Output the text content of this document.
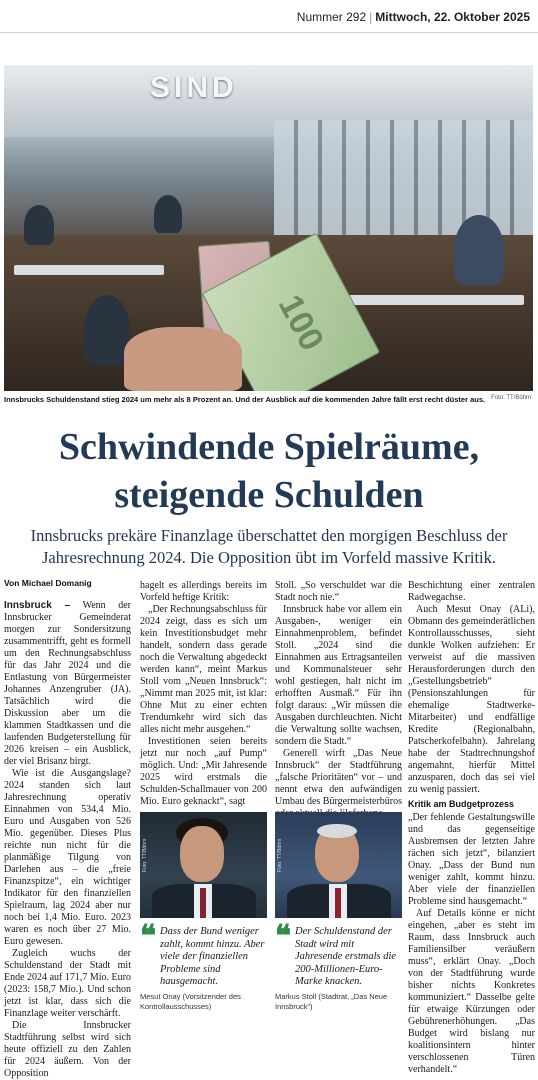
Nummer 292 | Mittwoch, 22. Oktober 2025
SIND
100
Innsbrucks Schuldenstand stieg 2024 um mehr als 8 Prozent an. Und der Ausblick auf die kommenden Jahre fällt erst recht düster aus. Foto: TT/Böhm
Schwindende Spielräume,
steigende Schulden
Innsbrucks prekäre Finanzlage überschattet den morgigen Beschluss der Jahresrechnung 2024. Die Opposition übt im Vorfeld massive Kritik.
Von Michael Domanig

Innsbruck – Wenn der Innsbrucker Gemeinderat morgen zur Sondersitzung zusammentrifft, geht es formell um den Rechnungsabschluss für das Jahr 2024 und die Entlastung von Bürgermeister Johannes Anzengruber (JA). Tatsächlich wird die Diskussion aber um die klammen Stadtkassen und die laufenden Budgeterstellung für 2026 kreisen – ein Ausblick, der viel Brisanz birgt.

Wie ist die Ausgangslage? 2024 standen sich laut Jahresrechnung operativ Einnahmen von 534,4 Mio. Euro und Ausgaben von 526 Mio. gegenüber. Dieses Plus reichte nun nicht für die planmäßige Tilgung von Darlehen aus – die „freie Finanzspitze“, ein wichtiger Indikator für den finanziellen Spielraum, lag 2024 aber nur noch bei 1,4 Mio. Euro. 2023 waren es noch über 27 Mio. Euro gewesen.

Zugleich wuchs der Schuldenstand der Stadt mit Ende 2024 auf 171,7 Mio. Euro (2023: 158,7 Mio.). Und schon jetzt ist klar, dass sich die Finanzlage weiter verschärft.

Die Innsbrucker Stadtführung selbst wird sich heute offiziell zu den Zahlen für 2024 äußern. Von der Opposition

hagelt es allerdings bereits im Vorfeld heftige Kritik:

„Der Rechnungsabschluss für 2024 zeigt, dass es sich um kein Investitionsbudget mehr handelt, sondern dass gerade noch die Verwaltung abgedeckt werden kann“, meint Markus Stoll vom „Neuen Innsbruck“: „Nimmt man 2025 mit, ist klar: Ohne Mut zu einer echten Trendumkehr wird sich das alles nicht mehr ausgehen.“

Investitionen seien bereits jetzt nur noch „auf Pump“ möglich. Und: „Mit Jahresende 2025 wird erstmals die Schulden-Schallmauer von 200 Mio. Euro geknackt“, sagt

Stoll. „So verschuldet war die Stadt noch nie.“

Innsbruck habe vor allem ein Ausgaben-, weniger ein Einnahmenproblem, befindet Stoll. „2024 sind die Einnahmen aus Ertragsanteilen und Kommunalsteuer sehr wohl gestiegen, halt nicht im erhofften Ausmaß.“ Für ihn folgt daraus: „Wir müssen die Ausgaben durchleuchten. Nicht die Verwaltung sollte wachsen, sondern die Stadt.“

Generell wirft „Das Neue Innsbruck“ der Stadtführung „falsche Prioritäten“ vor – und nennt etwa den aufwändigen Umbau des Bürgermeisterbüros

Beschichtung einer zentralen Radwegachse.

Auch Mesut Onay (ALi), Obmann des gemeinderätlichen Kontrollausschusses, sieht dunkle Wolken aufziehen: Er verweist auf die massiven Herausforderungen durch den „Gestellungsbetrieb“ (Pensionszahlungen für ehemalige Stadtwerke-Mitarbeiter) und endfällige Kredite (Regionalbahn, Patscherkofelbahn). Jahrelang habe der Stadtrechnungshof angemahnt, hierfür Mittel anzusparen, doch das sei viel zu wenig passiert.

Kritik am Budgetprozess

„Der fehlende Gestaltungswille und das gegenseitige Ausbremsen der letzten Jahre rächen sich jetzt“, bilanziert Onay. „Dass der Bund nun weniger zahlt, kommt hinzu. Aber viele der finanziellen Probleme sind hausgemacht.“

Auf Details könne er nicht eingehen, „aber es steht im Raum, dass Innsbruck auch Familiensilber veräußern muss“, erklärt Onay. „Doch von der Stadtführung wurde bisher nichts Konkretes kommuniziert.“ Dasselbe gelte für etwaige Kürzungen oder Gebührenerhöhungen. „Das Budget wird bislang nur koalitionsintern hinter verschlossenen Türen verhandelt.“

Foto: TT/Böhm	Foto: TT/Böhm
❝ Dass der Bund weniger zahlt, kommt hinzu. Aber viele der finanziellen Probleme sind hausgemacht.
❝ Der Schuldenstand der Stadt wird mit Jahresende erstmals die 200-Millionen-Euro-Marke knacken.
Mesut Onay (Vorsitzender des Kontrollausschusses)
Markus Stoll (Stadtrat, „Das Neue Innsbruck“)
